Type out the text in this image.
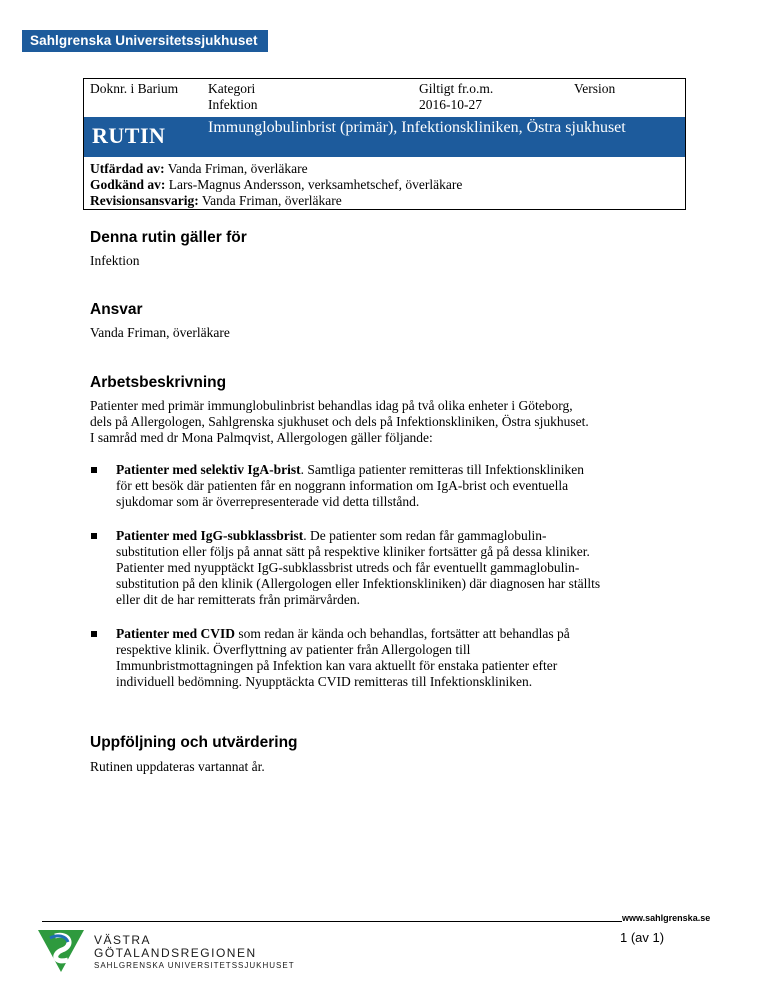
Sahlgrenska Universitetssjukhuset
Doknr. i Barium Kategori
Infektion
Giltigt fr.o.m.
2016-10-27
Version
RUTIN	Immunglobulinbrist (primär), Infektionskliniken, Östra sjukhuset
Utfärdad av: Vanda Friman, överläkare
Godkänd av: Lars-Magnus Andersson, verksamhetschef, överläkare
Revisionsansvarig: Vanda Friman, överläkare
Denna rutin gäller för
Infektion
Ansvar
Vanda Friman, överläkare
Arbetsbeskrivning
Patienter med primär immunglobulinbrist behandlas idag på två olika enheter i Göteborg,
dels på Allergologen, Sahlgrenska sjukhuset och dels på Infektionskliniken, Östra sjukhuset.
I samråd med dr Mona Palmqvist, Allergologen gäller följande:
Patienter med selektiv IgA-brist. Samtliga patienter remitteras till Infektionskliniken
för ett besök där patienten får en noggrann information om IgA-brist och eventuella
sjukdomar som är överrepresenterade vid detta tillstånd.
Patienter med IgG-subklassbrist. De patienter som redan får gammaglobulin-
substitution eller följs på annat sätt på respektive kliniker fortsätter gå på dessa kliniker.
Patienter med nyupptäckt IgG-subklassbrist utreds och får eventuellt gammaglobulin-
substitution på den klinik (Allergologen eller Infektionskliniken) där diagnosen har ställts
eller dit de har remitterats från primärvården.
Patienter med CVID som redan är kända och behandlas, fortsätter att behandlas på
respektive klinik. Överflyttning av patienter från Allergologen till
Immunbristmottagningen på Infektion kan vara aktuellt för enstaka patienter efter
individuell bedömning. Nyupptäckta CVID remitteras till Infektionskliniken.
Uppföljning och utvärdering
Rutinen uppdateras vartannat år.
www.sahlgrenska.se
1 (av 1)
VÄSTRA
GÖTALANDSREGIONEN
SAHLGRENSKA UNIVERSITETSSJUKHUSET
